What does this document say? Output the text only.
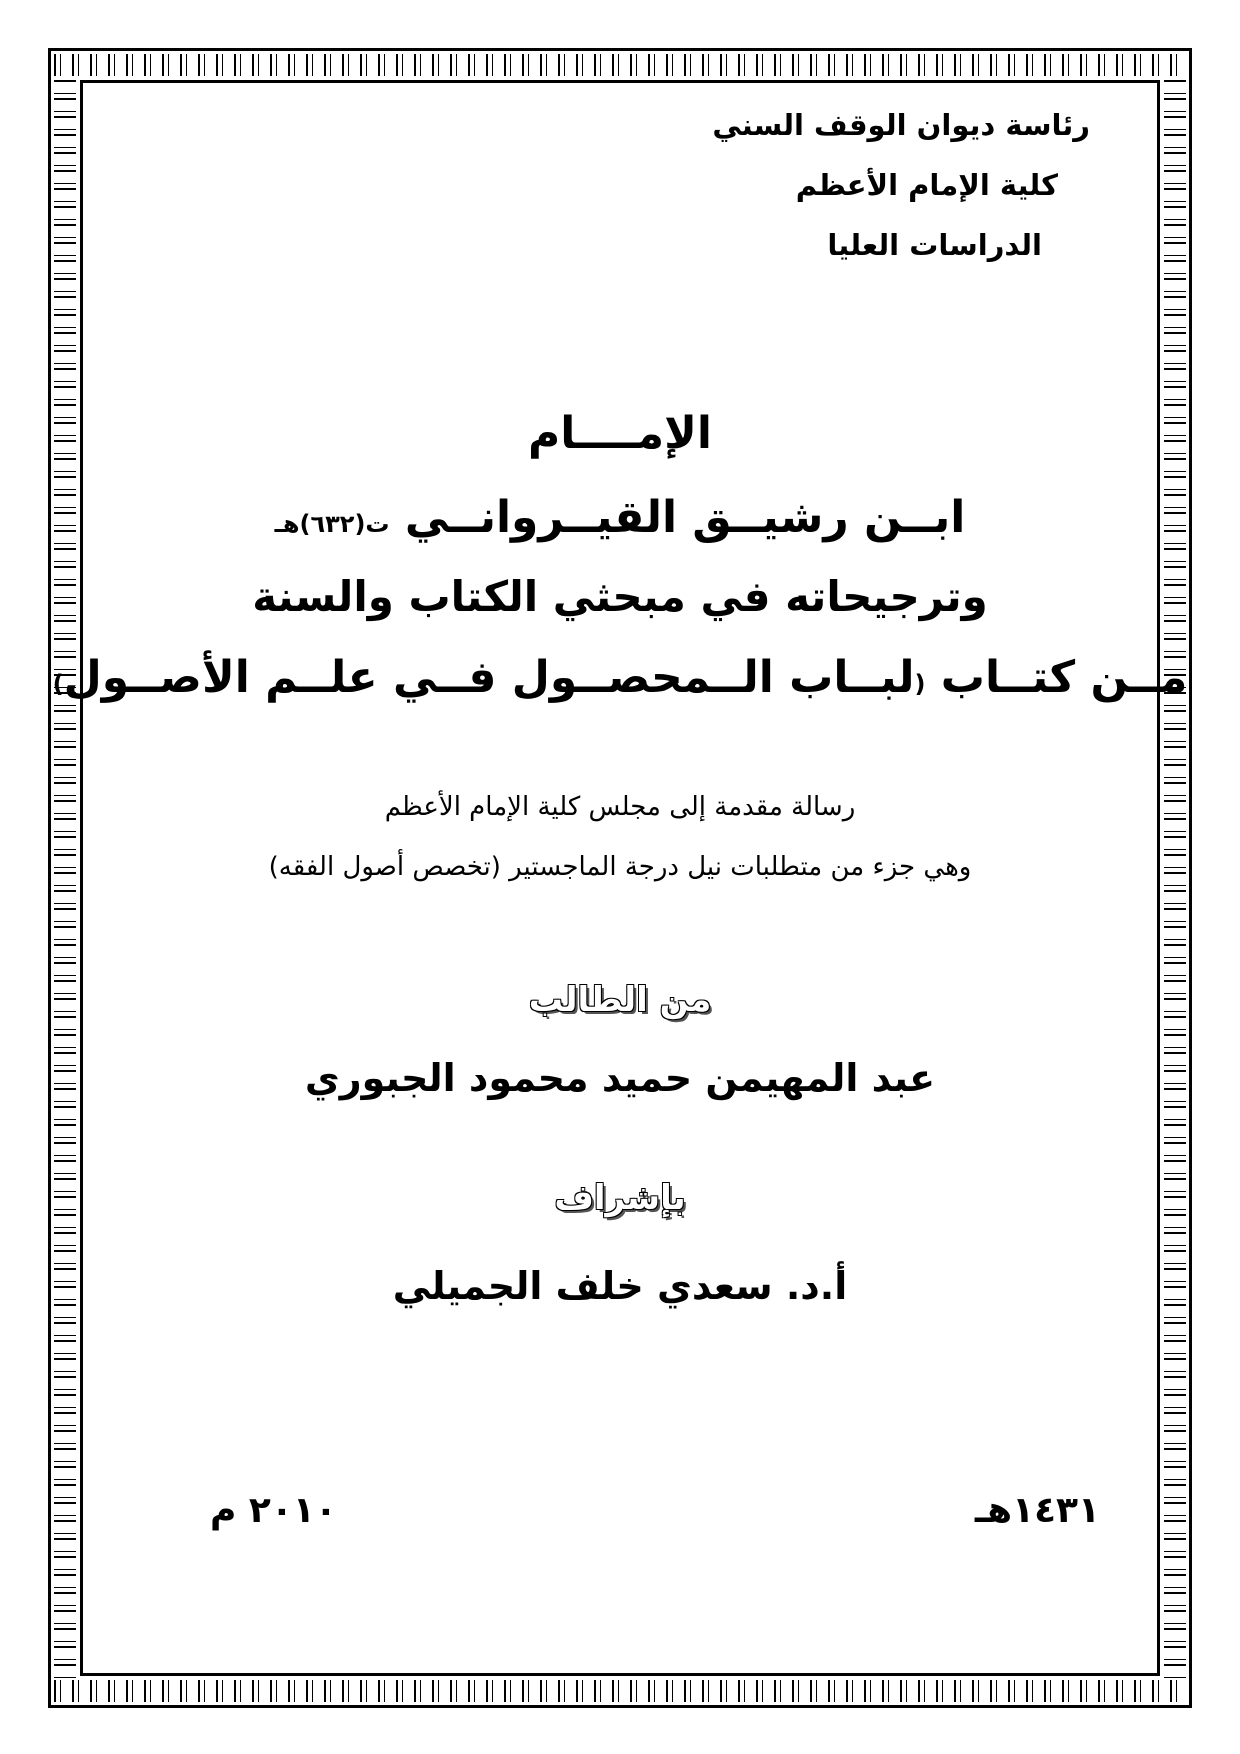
رئاسة ديوان الوقف السني
كلية الإمام الأعظم
الدراسات العليا
الإمــــام
ابــن رشيــق القيــروانــي ت(٦٣٢)هـ
وترجيحاته في مبحثي الكتاب والسنة
مــن كتــاب (لبــاب الــمحصــول فــي علــم الأصــول)
رسالة مقدمة إلى مجلس كلية الإمام الأعظم
وهي جزء من متطلبات نيل درجة الماجستير (تخصص أصول الفقه)
من الطالب
عبد المهيمن حميد محمود الجبوري
بإشراف
أ.د. سعدي خلف الجميلي
١٤٣١هـ
٢٠١٠ م
